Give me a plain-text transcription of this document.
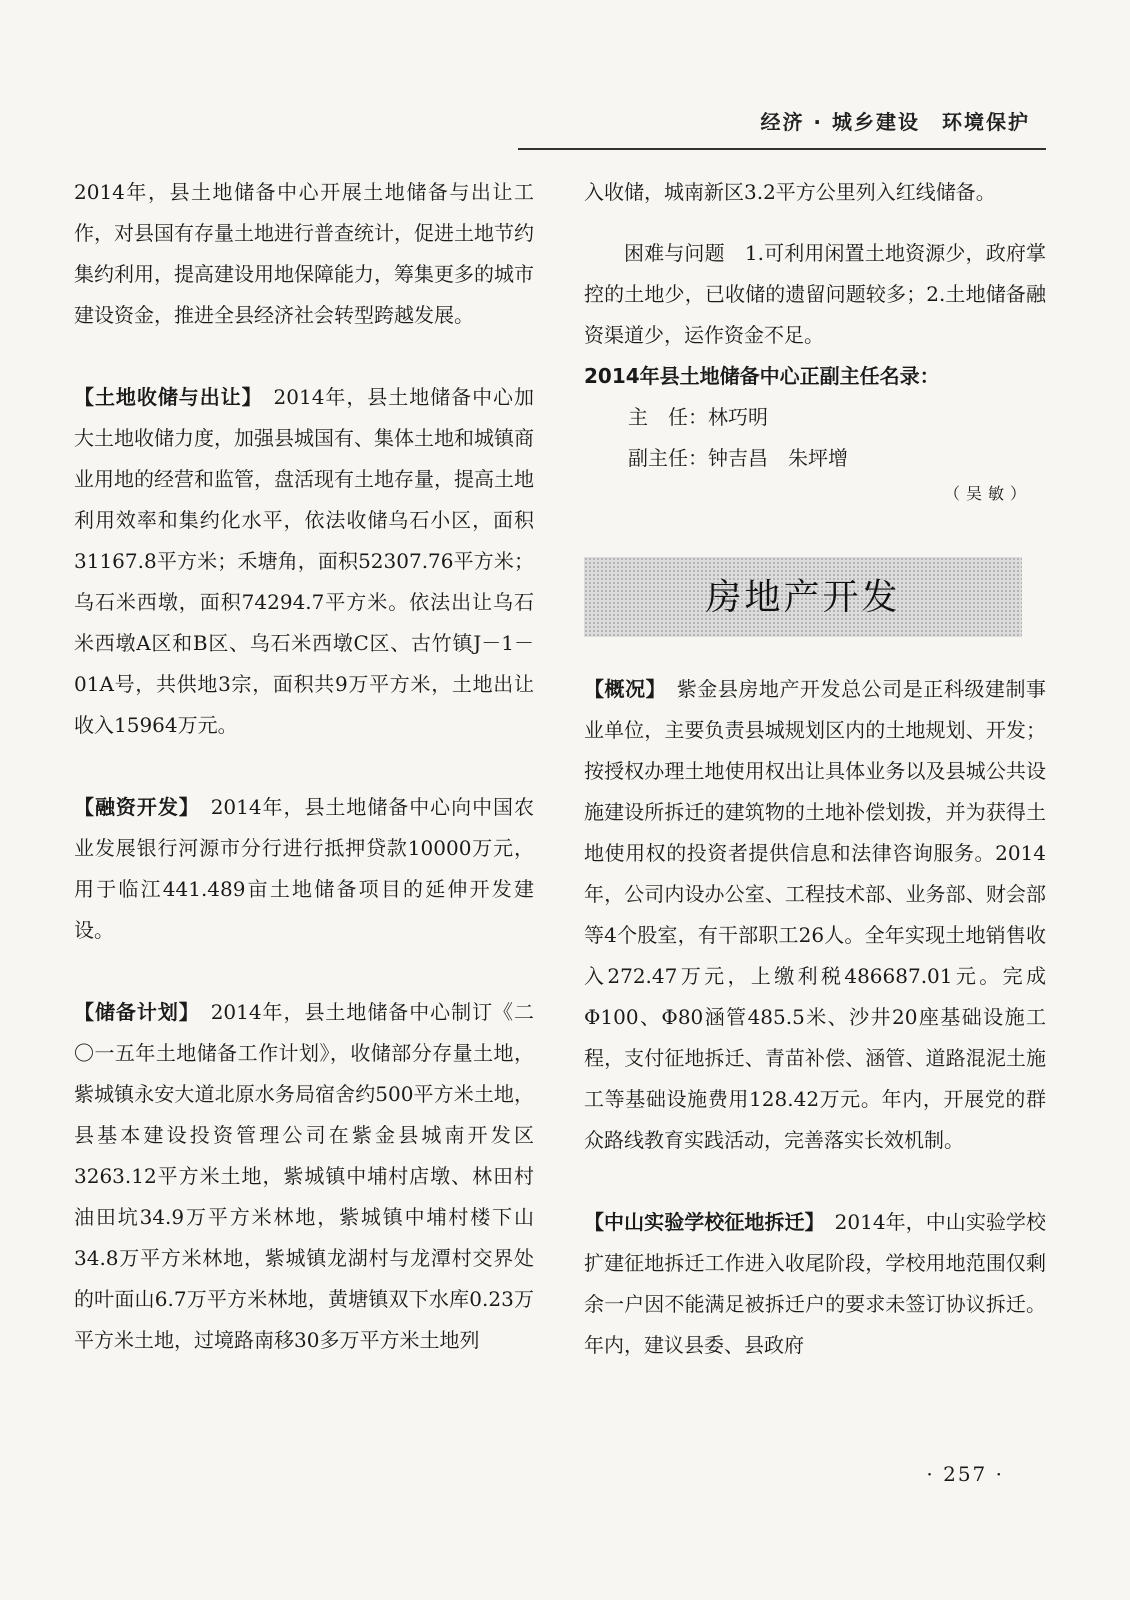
经济 · 城乡建设　环境保护

2014年，县土地储备中心开展土地储备与出让工作，对县国有存量土地进行普查统计，促进土地节约集约利用，提高建设用地保障能力，筹集更多的城市建设资金，推进全县经济社会转型跨越发展。

【土地收储与出让】　2014年，县土地储备中心加大土地收储力度，加强县城国有、集体土地和城镇商业用地的经营和监管，盘活现有土地存量，提高土地利用效率和集约化水平，依法收储乌石小区，面积31167.8平方米；禾塘角，面积52307.76平方米；乌石米西墩，面积74294.7平方米。依法出让乌石米西墩A区和B区、乌石米西墩C区、古竹镇J－1－01A号，共供地3宗，面积共9万平方米，土地出让收入15964万元。

【融资开发】　2014年，县土地储备中心向中国农业发展银行河源市分行进行抵押贷款10000万元，用于临江441.489亩土地储备项目的延伸开发建设。

【储备计划】　2014年，县土地储备中心制订《二〇一五年土地储备工作计划》，收储部分存量土地，紫城镇永安大道北原水务局宿舍约500平方米土地，县基本建设投资管理公司在紫金县城南开发区3263.12平方米土地，紫城镇中埔村店墩、林田村油田坑34.9万平方米林地，紫城镇中埔村楼下山34.8万平方米林地，紫城镇龙湖村与龙潭村交界处的叶面山6.7万平方米林地，黄塘镇双下水库0.23万平方米土地，过境路南移30多万平方米土地列

入收储，城南新区3.2平方公里列入红线储备。

困难与问题　1.可利用闲置土地资源少，政府掌控的土地少，已收储的遗留问题较多；2.土地储备融资渠道少，运作资金不足。

2014年县土地储备中心正副主任名录：

主　任：林巧明

副主任：钟吉昌　朱坪增

（吴敏）

房地产开发

【概况】　紫金县房地产开发总公司是正科级建制事业单位，主要负责县城规划区内的土地规划、开发；按授权办理土地使用权出让具体业务以及县城公共设施建设所拆迁的建筑物的土地补偿划拨，并为获得土地使用权的投资者提供信息和法律咨询服务。2014年，公司内设办公室、工程技术部、业务部、财会部等4个股室，有干部职工26人。全年实现土地销售收入272.47万元，上缴利税486687.01元。完成Φ100、Φ80涵管485.5米、沙井20座基础设施工程，支付征地拆迁、青苗补偿、涵管、道路混泥土施工等基础设施费用128.42万元。年内，开展党的群众路线教育实践活动，完善落实长效机制。

【中山实验学校征地拆迁】　2014年，中山实验学校扩建征地拆迁工作进入收尾阶段，学校用地范围仅剩余一户因不能满足被拆迁户的要求未签订协议拆迁。年内，建议县委、县政府

· 257 ·
